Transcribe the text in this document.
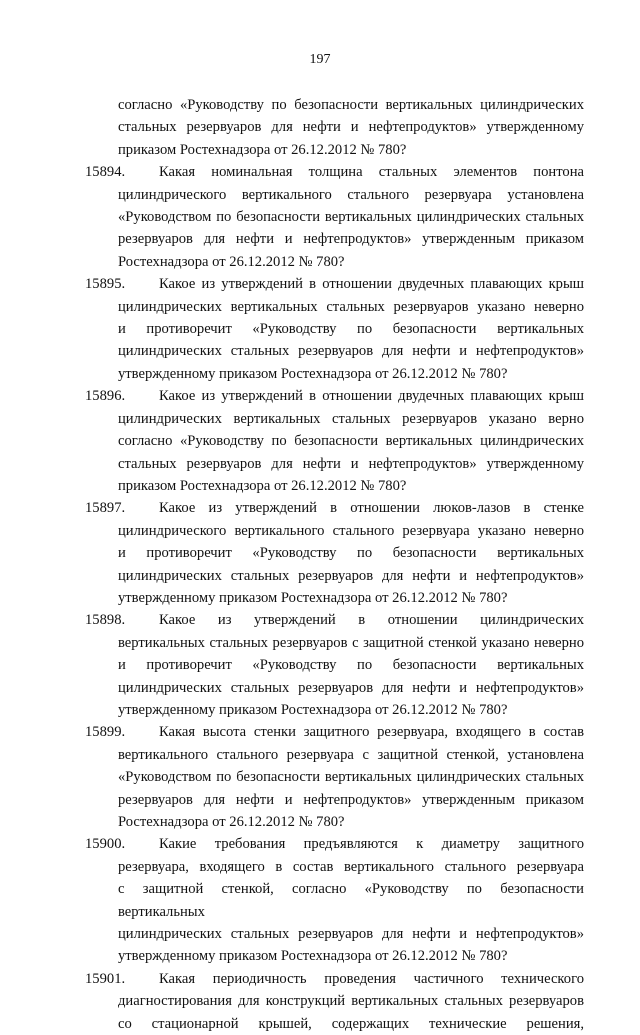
197

согласно «Руководству по безопасности вертикальных цилиндрических

стальных резервуаров для нефти и нефтепродуктов» утвержденному

приказом Ростехнадзора от 26.12.2012 № 780?

15894.	Какая номинальная толщина стальных элементов понтона

цилиндрического вертикального стального резервуара установлена

«Руководством по безопасности вертикальных цилиндрических стальных

резервуаров для нефти и нефтепродуктов» утвержденным приказом

Ростехнадзора от 26.12.2012 № 780?

15895.	Какое из утверждений в отношении двудечных плавающих крыш

цилиндрических вертикальных стальных резервуаров указано неверно

и противоречит «Руководству по безопасности вертикальных

цилиндрических стальных резервуаров для нефти и нефтепродуктов»

утвержденному приказом Ростехнадзора от 26.12.2012 № 780?

15896.	Какое из утверждений в отношении двудечных плавающих крыш

цилиндрических вертикальных стальных резервуаров указано верно

согласно «Руководству по безопасности вертикальных цилиндрических

стальных резервуаров для нефти и нефтепродуктов» утвержденному

приказом Ростехнадзора от 26.12.2012 № 780?

15897.	Какое из утверждений в отношении люков-лазов в стенке

цилиндрического вертикального стального резервуара указано неверно

и противоречит «Руководству по безопасности вертикальных

цилиндрических стальных резервуаров для нефти и нефтепродуктов»

утвержденному приказом Ростехнадзора от 26.12.2012 № 780?

15898.	Какое из утверждений в отношении цилиндрических

вертикальных стальных резервуаров с защитной стенкой указано неверно

и противоречит «Руководству по безопасности вертикальных

цилиндрических стальных резервуаров для нефти и нефтепродуктов»

утвержденному приказом Ростехнадзора от 26.12.2012 № 780?

15899.	Какая высота стенки защитного резервуара, входящего в состав

вертикального стального резервуара с защитной стенкой, установлена

«Руководством по безопасности вертикальных цилиндрических стальных

резервуаров для нефти и нефтепродуктов» утвержденным приказом

Ростехнадзора от 26.12.2012 № 780?

15900.	Какие требования предъявляются к диаметру защитного

резервуара, входящего в состав вертикального стального резервуара

с защитной стенкой, согласно «Руководству по безопасности вертикальных

цилиндрических стальных резервуаров для нефти и нефтепродуктов»

утвержденному приказом Ростехнадзора от 26.12.2012 № 780?

15901.	Какая периодичность проведения частичного технического

диагностирования для конструкций вертикальных стальных резервуаров

со стационарной крышей, содержащих технические решения,
